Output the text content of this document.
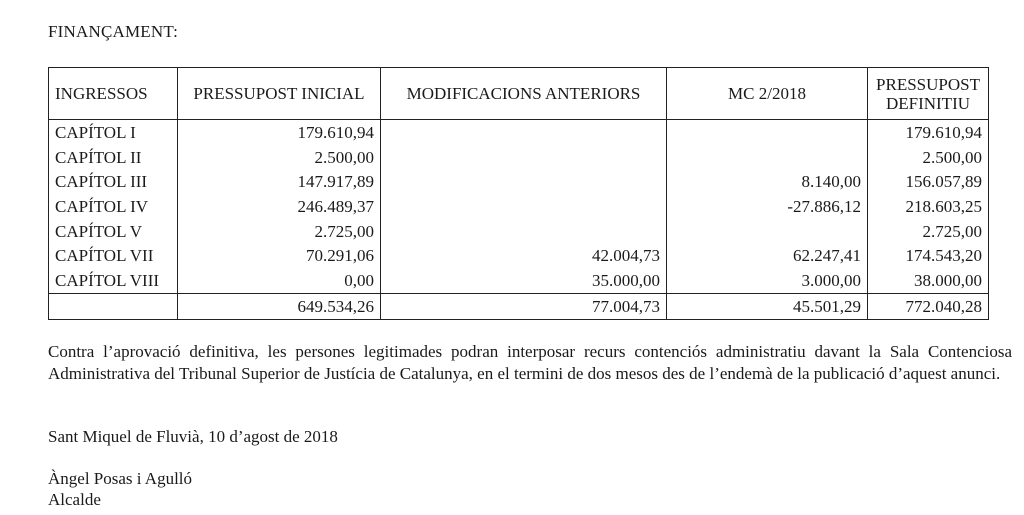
FINANÇAMENT:
INGRESSOS	PRESSUPOST INICIAL	MODIFICACIONS ANTERIORS	MC 2/2018	PRESSUPOST DEFINITIU
CAPÍTOL I	179.610,94			179.610,94
CAPÍTOL II	2.500,00			2.500,00
CAPÍTOL III	147.917,89		8.140,00	156.057,89
CAPÍTOL IV	246.489,37		-27.886,12	218.603,25
CAPÍTOL V	2.725,00			2.725,00
CAPÍTOL VII	70.291,06	42.004,73	62.247,41	174.543,20
CAPÍTOL VIII	0,00	35.000,00	3.000,00	38.000,00
	649.534,26	77.004,73	45.501,29	772.040,28
Contra l’aprovació definitiva, les persones legitimades podran interposar recurs contenciós administratiu davant la Sala Contenciosa Administrativa del Tribunal Superior de Justícia de Catalunya, en el termini de dos mesos des de l’endemà de la publicació d’aquest anunci.
Sant Miquel de Fluvià, 10 d’agost de 2018
Àngel Posas i Agulló
Alcalde
